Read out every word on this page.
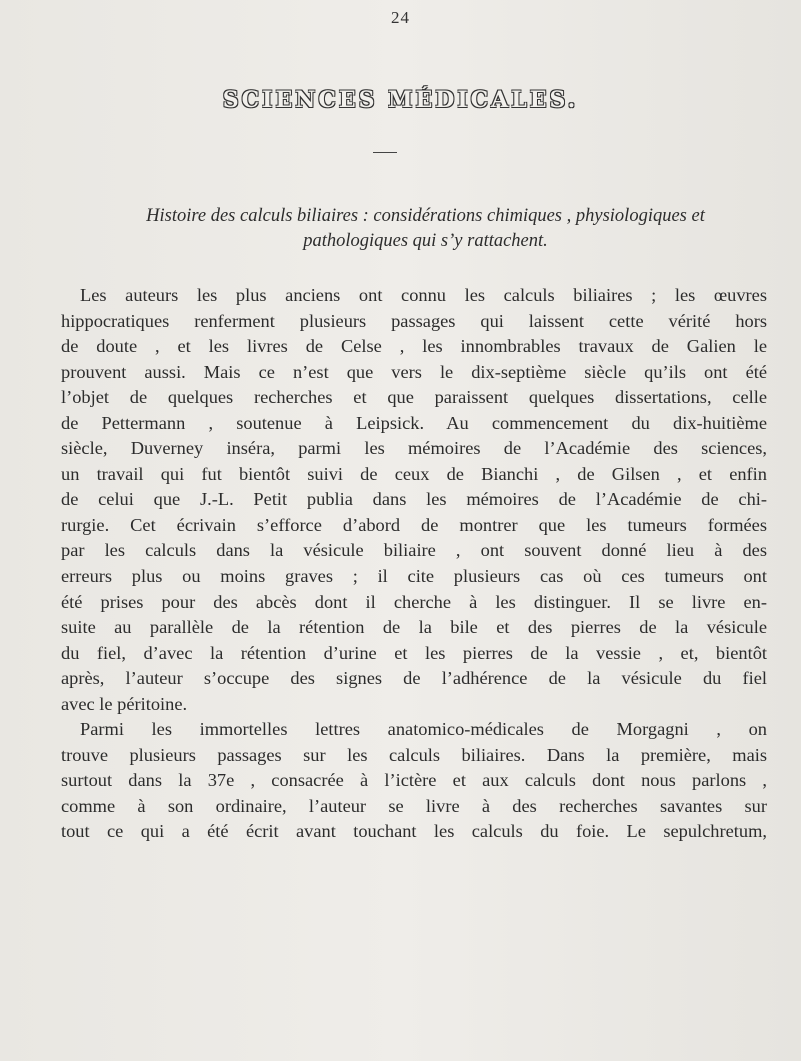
24
SCIENCES MÉDICALES.
Histoire des calculs biliaires : considérations chimiques , physiologiques et
pathologiques qui s’y rattachent.
Les auteurs les plus anciens ont connu les calculs biliaires ; les œuvres
hippocratiques renferment plusieurs passages qui laissent cette vérité hors
de doute , et les livres de Celse , les innombrables travaux de Galien le
prouvent aussi. Mais ce n’est que vers le dix-septième siècle qu’ils ont été
l’objet de quelques recherches et que paraissent quelques dissertations, celle
de Pettermann , soutenue à Leipsick. Au commencement du dix-huitième
siècle, Duverney inséra, parmi les mémoires de l’Académie des sciences,
un travail qui fut bientôt suivi de ceux de Bianchi , de Gilsen , et enfin
de celui que J.-L. Petit publia dans les mémoires de l’Académie de chi-
rurgie. Cet écrivain s’efforce d’abord de montrer que les tumeurs formées
par les calculs dans la vésicule biliaire , ont souvent donné lieu à des
erreurs plus ou moins graves ; il cite plusieurs cas où ces tumeurs ont
été prises pour des abcès dont il cherche à les distinguer. Il se livre en-
suite au parallèle de la rétention de la bile et des pierres de la vésicule
du fiel, d’avec la rétention d’urine et les pierres de la vessie , et, bientôt
après, l’auteur s’occupe des signes de l’adhérence de la vésicule du fiel
avec le péritoine.
Parmi les immortelles lettres anatomico-médicales de Morgagni , on
trouve plusieurs passages sur les calculs biliaires. Dans la première, mais
surtout dans la 37e , consacrée à l’ictère et aux calculs dont nous parlons ,
comme à son ordinaire, l’auteur se livre à des recherches savantes sur
tout ce qui a été écrit avant touchant les calculs du foie. Le sepulchretum,
